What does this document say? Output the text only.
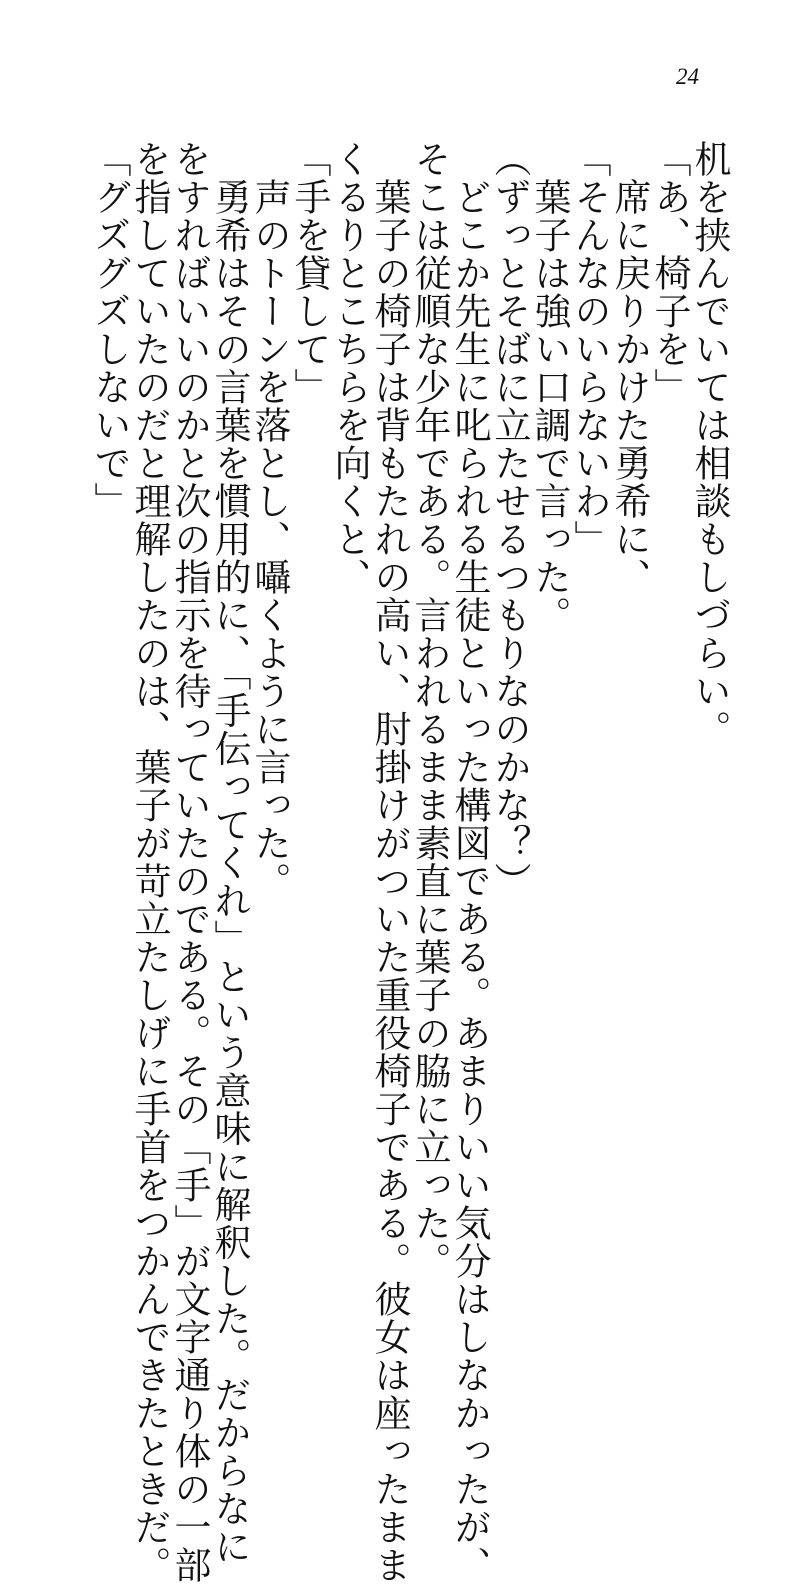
24
机を挟んでいては相談もしづらい。
「あ、椅子を」
　席に戻りかけた勇希に、
「そんなのいらないわ」
　葉子は強い口調で言った。
（ずっとそばに立たせるつもりなのかな？）
　どこか先生に叱られる生徒といった構図である。あまりいい気分はしなかったが、
そこは従順な少年である。言われるまま素直に葉子の脇に立った。
　葉子の椅子は背もたれの高い、肘掛けがついた重役椅子である。彼女は座ったまま
くるりとこちらを向くと、
「手を貸して」
　声のトーンを落とし、囁くように言った。
　勇希はその言葉を慣用的に、「手伝ってくれ」という意味に解釈した。だからなに
をすればいいのかと次の指示を待っていたのである。その「手」が文字通り体の一部
を指していたのだと理解したのは、葉子が苛立たしげに手首をつかんできたときだ。
「グズグズしないで」
